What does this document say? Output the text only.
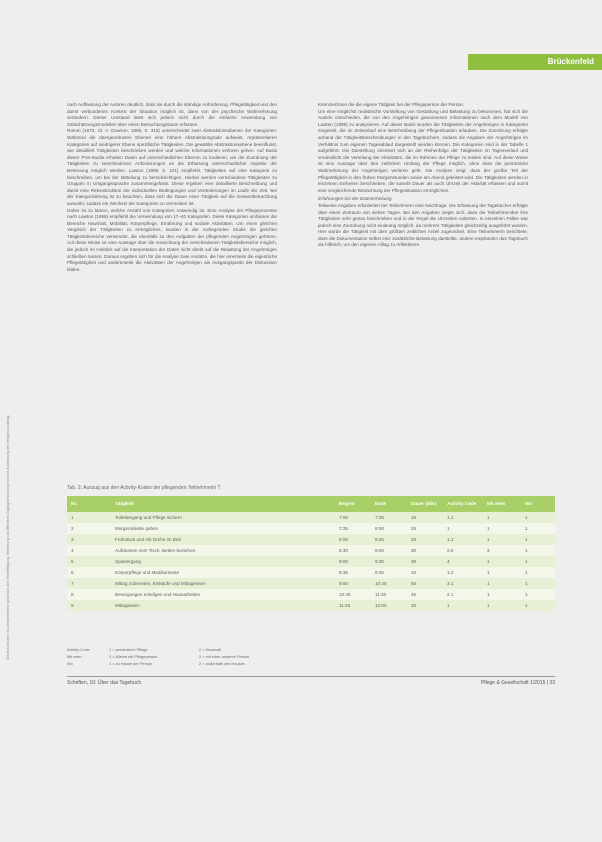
Brückenfeld
Dieses Dokument ist urheberrechtlich geschützt. Die Vervielfältigung, Verbreitung und öffentliche Zugänglichmachung ist ohne Zustimmung des Verlags unzulässig.

nach Auffassung der Autoren deutlich, dass sie durch die ständige Anforderung, Pflegetätigkeit und den damit verbundenen Kontext der Situation möglich ist, dann von der psychische Wahrnehmung verändern. Dieser Umstand lässt sich jedoch nicht durch die einfache Anwendung von Zeitschätzungsmodellen über einen Betrachtungsraum erfassen.

Romm (1973, zit. n. Dawson, 1995, S. 316) unterscheidet zwei Abstraktionsebenen der Kategorien: Während die übergeordneten Ebenen eine höhere Abstraktionsgrade aufweist, repräsentieren Kategorien auf niedrigerer Ebene spezifische Tätigkeiten. Die gewählte Abstraktionsebene beeinflusst, wie detailliert Tätigkeiten beschrieben werden und welche Informationen verloren gehen. Auf Basis dieser Prot-Studie erhalten Daten auf unterschiedlichen Ebenen zu kodieren, um die Zuordnung der Tätigkeiten zu verschiedenen Anforderungen an die Erfassung unterschiedlicher Aspekte der Betreuung möglich werden. Lawton (1999, S. 101) empfiehlt, Tätigkeiten auf eine Kategorie zu beschreiben, um bei der Mitteilung zu berücksichtigen. Hierbei werden verschiedene Tätigkeiten zu Gruppen in Umgangssprache zusammengefasst. Diese ergeben eine detaillierte Beschreibung und damit eine Rekonstruktion der individuellen Bedingungen und Veränderungen im Laufe der Zeit. Bei der Kategorisierung ist zu beachten, dass sich die Dauer einer Tätigkeit auf die Gesamtbetrachtung auswirkt, sodass ein Wechsel der Kategorien zu vermeiden ist.

Daher ist zu klären, welche Anzahl von Kategorien notwendig ist. Eine Analyse der Pflegeprozesse nach Lawton (1999) empfiehlt die Verwendung von 17–40 Kategorien. Diese Kategorien umfassen die Bereiche Haushalt, Mobilität, Körperpflege, Ernährung und soziale Aktivitäten. Um einen gleichen Vergleich der Tätigkeiten zu ermöglichen, wurden in der vorliegenden Studie die gleichen Tätigkeitsbereiche verwendet, die ebenfalls zu den Aufgaben der pflegenden Angehörigen gehören. Auf diese Weise ist eine Aussage über die Gewichtung der verschiedenen Tätigkeitsbereiche möglich, die jedoch im Hinblick auf die Interpretation der Daten nicht direkt auf die Belastung der Angehörigen schließen lassen. Daraus ergeben sich für die Analyse zwei Ansätze, die hier einerseits die eigentliche Pflegetätigkeit und andererseits die Aktivitäten der Angehörigen als Ausgangspunkt der Diskussion bilden.

Kennzeichnen die die eigene Tätigkeit bei der Pflegeperson der Person.

Um eine möglichst realistische Vorstellung von Gestaltung und Belastung zu bekommen, hat sich die Autorin entschieden, die von den Angehörigen gewonnenen Informationen nach dem Modell von Lawton (1999) zu analysieren. Auf dieser Basis wurden die Tätigkeiten der Angehörigen in Kategorien eingeteilt, die im Zeitverlauf eine Beschreibung der Pflegesituation erlauben. Die Zuordnung erfolgte anhand der Tätigkeitsbeschreibungen in den Tagebüchern, sodass die Angaben der Angehörigen im Verhältnis zum eigenen Tagesablauf dargestellt werden können. Die Kategorien sind in der Tabelle 1 aufgeführt. Die Darstellung orientiert sich an der Reihenfolge der Tätigkeiten im Tagesverlauf und verdeutlicht die Verteilung der Aktivitäten, die im Rahmen der Pflege zu leisten sind. Auf diese Weise ist eine Aussage über den zeitlichen Umfang der Pflege möglich, ohne dass die persönliche Wahrnehmung der Angehörigen verloren geht. Die Analyse zeigt, dass der größte Teil der Pflegetätigkeit in den frühen Morgenstunden sowie am Abend geleistet wird. Die Tätigkeiten werden in einzelnen Einheiten beschrieben, die sowohl Dauer als auch Uhrzeit der Aktivität erfassen und somit eine vergleichende Betrachtung der Pflegesituation ermöglichen.

Erfahrungen bei der Datenerhebung

Teilweise Angaben erforderten bei Teilnehmern eine Nachfrage. Die Erfassung der Tagebücher erfolgte über einen Zeitraum von sieben Tagen. Bei den Angaben zeigte sich, dass die Teilnehmenden ihre Tätigkeiten sehr genau beschrieben und in der Regel die Uhrzeiten notierten. In einzelnen Fällen war jedoch eine Zuordnung nicht eindeutig möglich, da mehrere Tätigkeiten gleichzeitig ausgeführt wurden. Hier wurde die Tätigkeit mit dem größten zeitlichen Anteil zugeordnet. Eine Teilnehmerin berichtete, dass die Dokumentation selbst eine zusätzliche Belastung darstellte, andere empfanden das Tagebuch als hilfreich, um den eigenen Alltag zu reflektieren.

Tab. 2: Auszug aus den Activity-Kodes der pflegenden Teilnehmerin T
Nr.	Tätigkeit	Beginn	Ende	Dauer (Min)	Activity Code	Mit wem	Wo
1	Toilettengang und Pflege sichern	7:00	7:25	15	1.1	1	1
2	Morgentoilette geben	7:35	8:00	25	1	1	1
3	Frühstück und mit Drehe im Bett	8:00	8:25	25	1.1	1	1
4	Aufräumen vom Tisch, Betten beziehen	8:30	9:00	30	2.5	3	1
5	Spaziergang	9:00	9:30	30	4	1	1
6	Körperpflege und Medikamente	9:35	9:45	10	1.2	1	1
7	Mittag zubereiten, Einkäufe und Mittagessen	9:50	10:45	55	3.1	1	1
8	Besorgungen erledigen und Hausarbeiten	10:45	11:30	45	2.1	1	1
9	Mittagessen	11:45	12:00	30	1	1	1
Activity Code	1 = persönliche Pflege	2 = Haushalt
Mit wem	1 = Alleine mit Pflegeperson	2 = mit einer anderen Person
Wo	1 = zu Hause der Person	2 = außerhalb des Hauses
Schriften, 10: Über das Tagebuch	Pflege & Gesellschaft 1/2015 | 33
